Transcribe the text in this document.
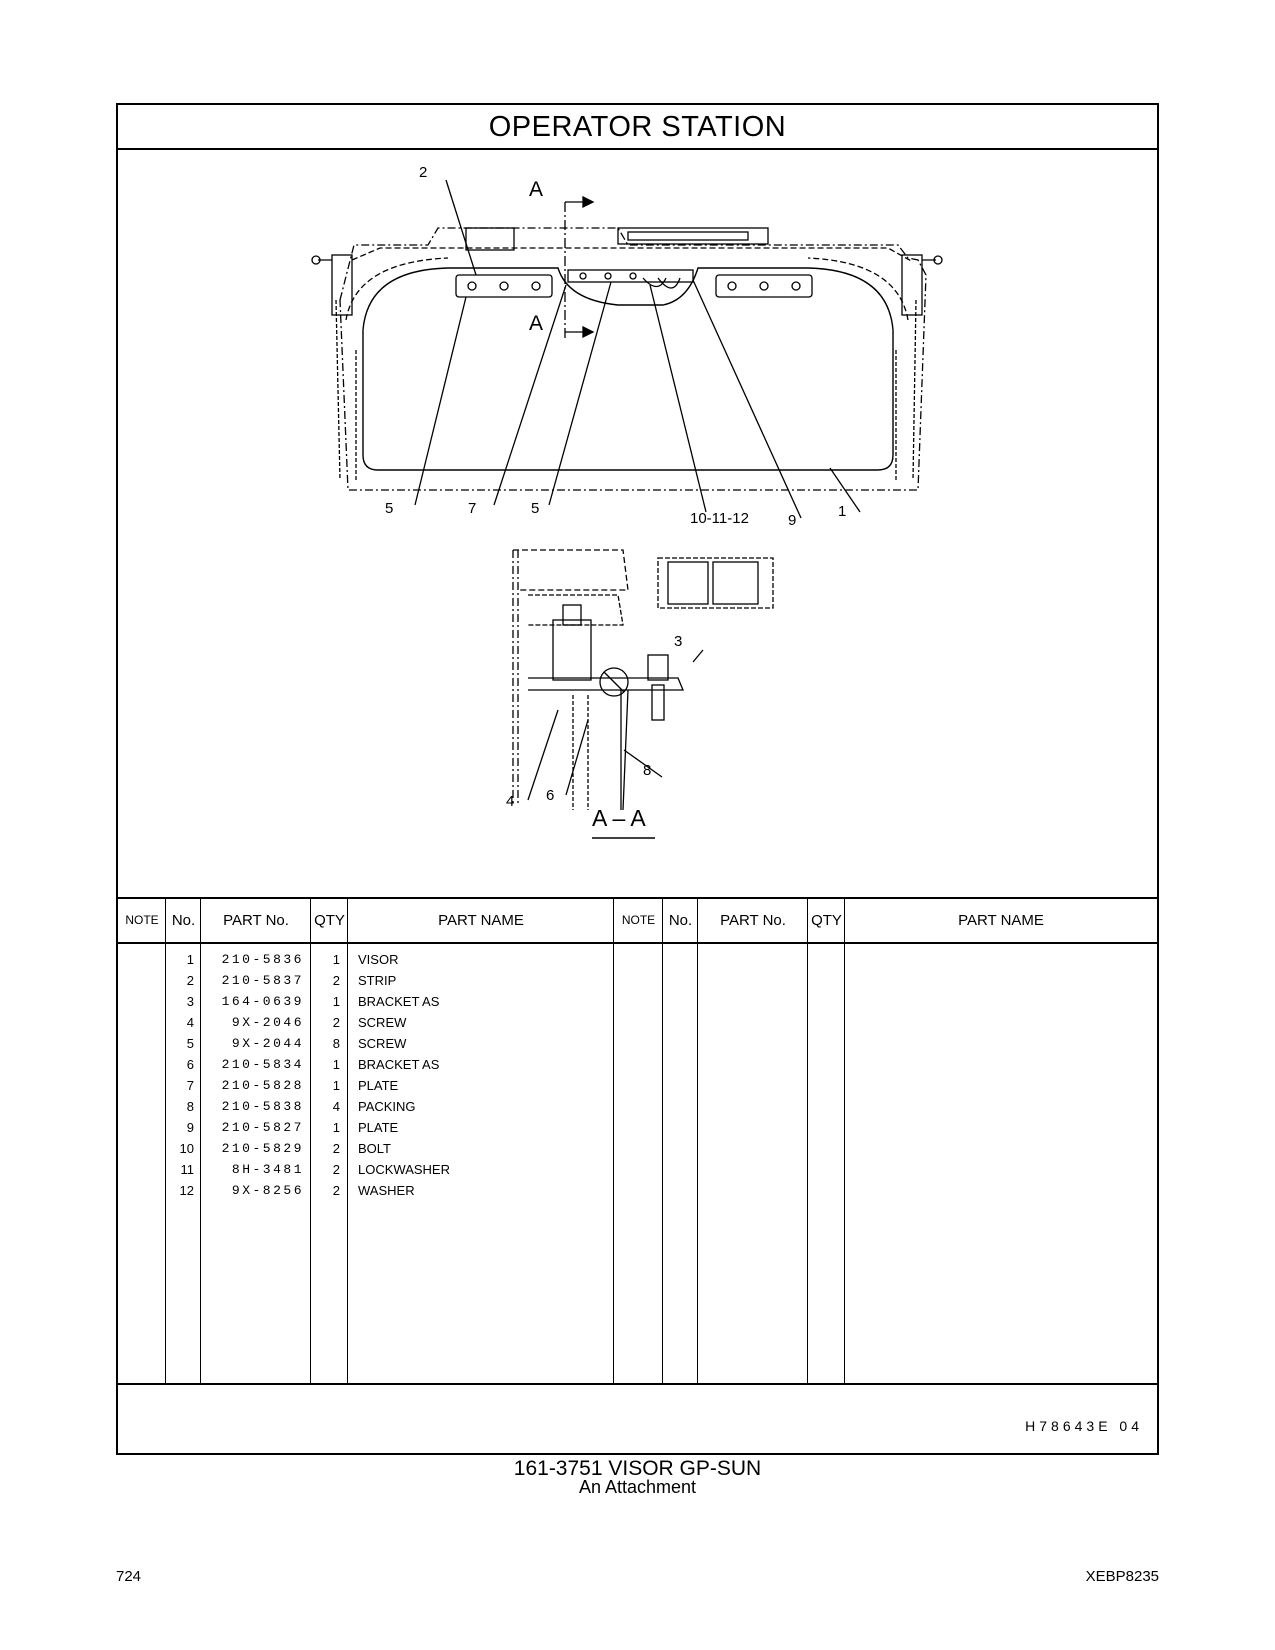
OPERATOR STATION
2
5	7	5
10-11-12	9
1
A
A
3
8
4 6
A – A
NOTE No.	PART No.	QTY	PART NAME	NOTE No.	PART No.	QTY	PART NAME
1	210-5836	1 VISOR
2	210-5837	2 STRIP
3	164-0639	1 BRACKET AS
4	9X-2046	2 SCREW
5	9X-2044	8 SCREW
6	210-5834	1 BRACKET AS
7	210-5828	1 PLATE
8	210-5838	4 PACKING
9	210-5827	1 PLATE
10	210-5829	2 BOLT
11	8H-3481	2 LOCKWASHER
12	9X-8256	2 WASHER
H78643E 04
161-3751 VISOR GP-SUN
An Attachment
724	XEBP8235
